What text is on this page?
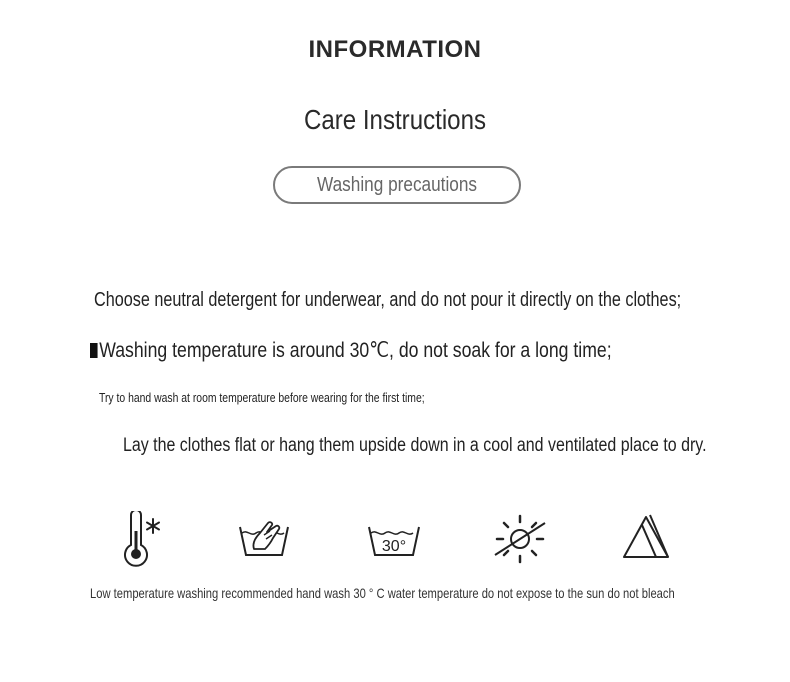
INFORMATION
Care Instructions
Washing precautions
Choose neutral detergent for underwear, and do not pour it directly on the clothes;
Washing temperature is around 30℃, do not soak for a long time;
Try to hand wash at room temperature before wearing for the first time;
Lay the clothes flat or hang them upside down in a cool and ventilated place to dry.
30°
Low temperature washing recommended hand wash 30 ° C water temperature do not expose to the sun do not bleach
